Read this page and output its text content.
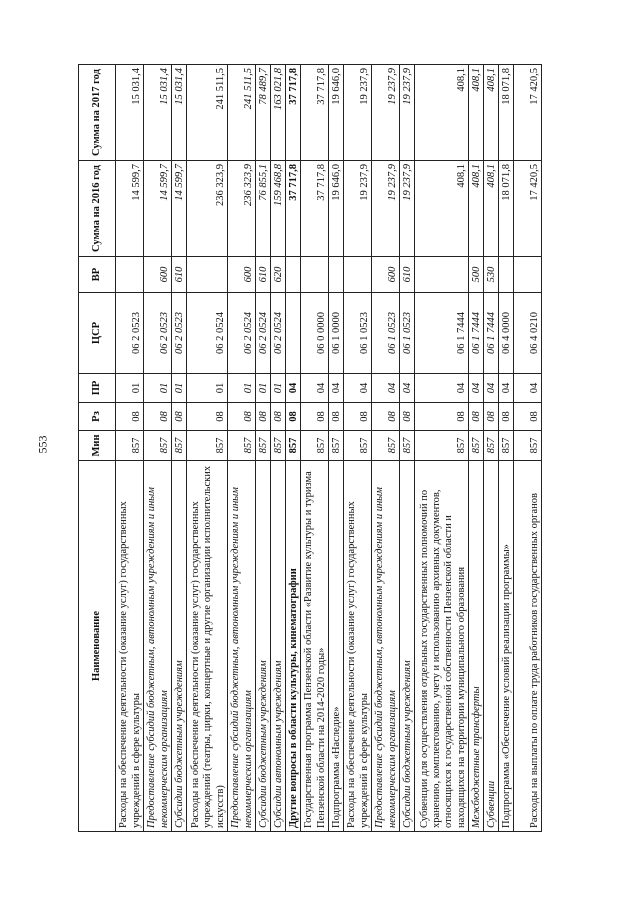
553
Наименование	Мин	Рз	ПР	ЦСР	ВР	Сумма на 2016 год	Сумма на 2017 год
Расходы на обеспечение деятельности (оказание услуг) государственных учреждений в сфере культуры	857	08	01	06 2 0523		14 599,7	15 031,4
Предоставление субсидий бюджетным, автономным учреждениям и иным некоммерческим организациям	857	08	01	06 2 0523	600	14 599,7	15 031,4
Субсидии бюджетным учреждениям	857	08	01	06 2 0523	610	14 599,7	15 031,4
Расходы на обеспечение деятельности (оказание услуг) государственных учреждений (театры, цирки, концертные и другие организации исполнительских искусств)	857	08	01	06 2 0524		236 323,9	241 511,5
Предоставление субсидий бюджетным, автономным учреждениям и иным некоммерческим организациям	857	08	01	06 2 0524	600	236 323,9	241 511,5
Субсидии бюджетным учреждениям	857	08	01	06 2 0524	610	76 855,1	78 489,7
Субсидии автономным учреждениям	857	08	01	06 2 0524	620	159 468,8	163 021,8
Другие вопросы в области культуры, кинематографии	857	08	04			37 717,8	37 717,8
Государственная программа Пензенской области «Развитие культуры и туризма Пензенской области на 2014-2020 годы»	857	08	04	06 0 0000		37 717,8	37 717,8
Подпрограмма «Наследие»	857	08	04	06 1 0000		19 646,0	19 646,0
Расходы на обеспечение деятельности (оказание услуг) государственных учреждений в сфере культуры	857	08	04	06 1 0523		19 237,9	19 237,9
Предоставление субсидий бюджетным, автономным учреждениям и иным некоммерческим организациям	857	08	04	06 1 0523	600	19 237,9	19 237,9
Субсидии бюджетным учреждениям	857	08	04	06 1 0523	610	19 237,9	19 237,9
Субвенции для осуществления отдельных государственных полномочий по хранению, комплектованию, учету и использованию архивных документов, относящихся к государственной собственности Пензенской области и находящихся на территории муниципального образования	857	08	04	06 1 7444		408,1	408,1
Межбюджетные трансферты	857	08	04	06 1 7444	500	408,1	408,1
Субвенции	857	08	04	06 1 7444	530	408,1	408,1
Подпрограмма «Обеспечение условий реализации программы»	857	08	04	06 4 0000		18 071,8	18 071,8
Расходы на выплаты по оплате труда работников государственных органов	857	08	04	06 4 0210		17 420,5	17 420,5
